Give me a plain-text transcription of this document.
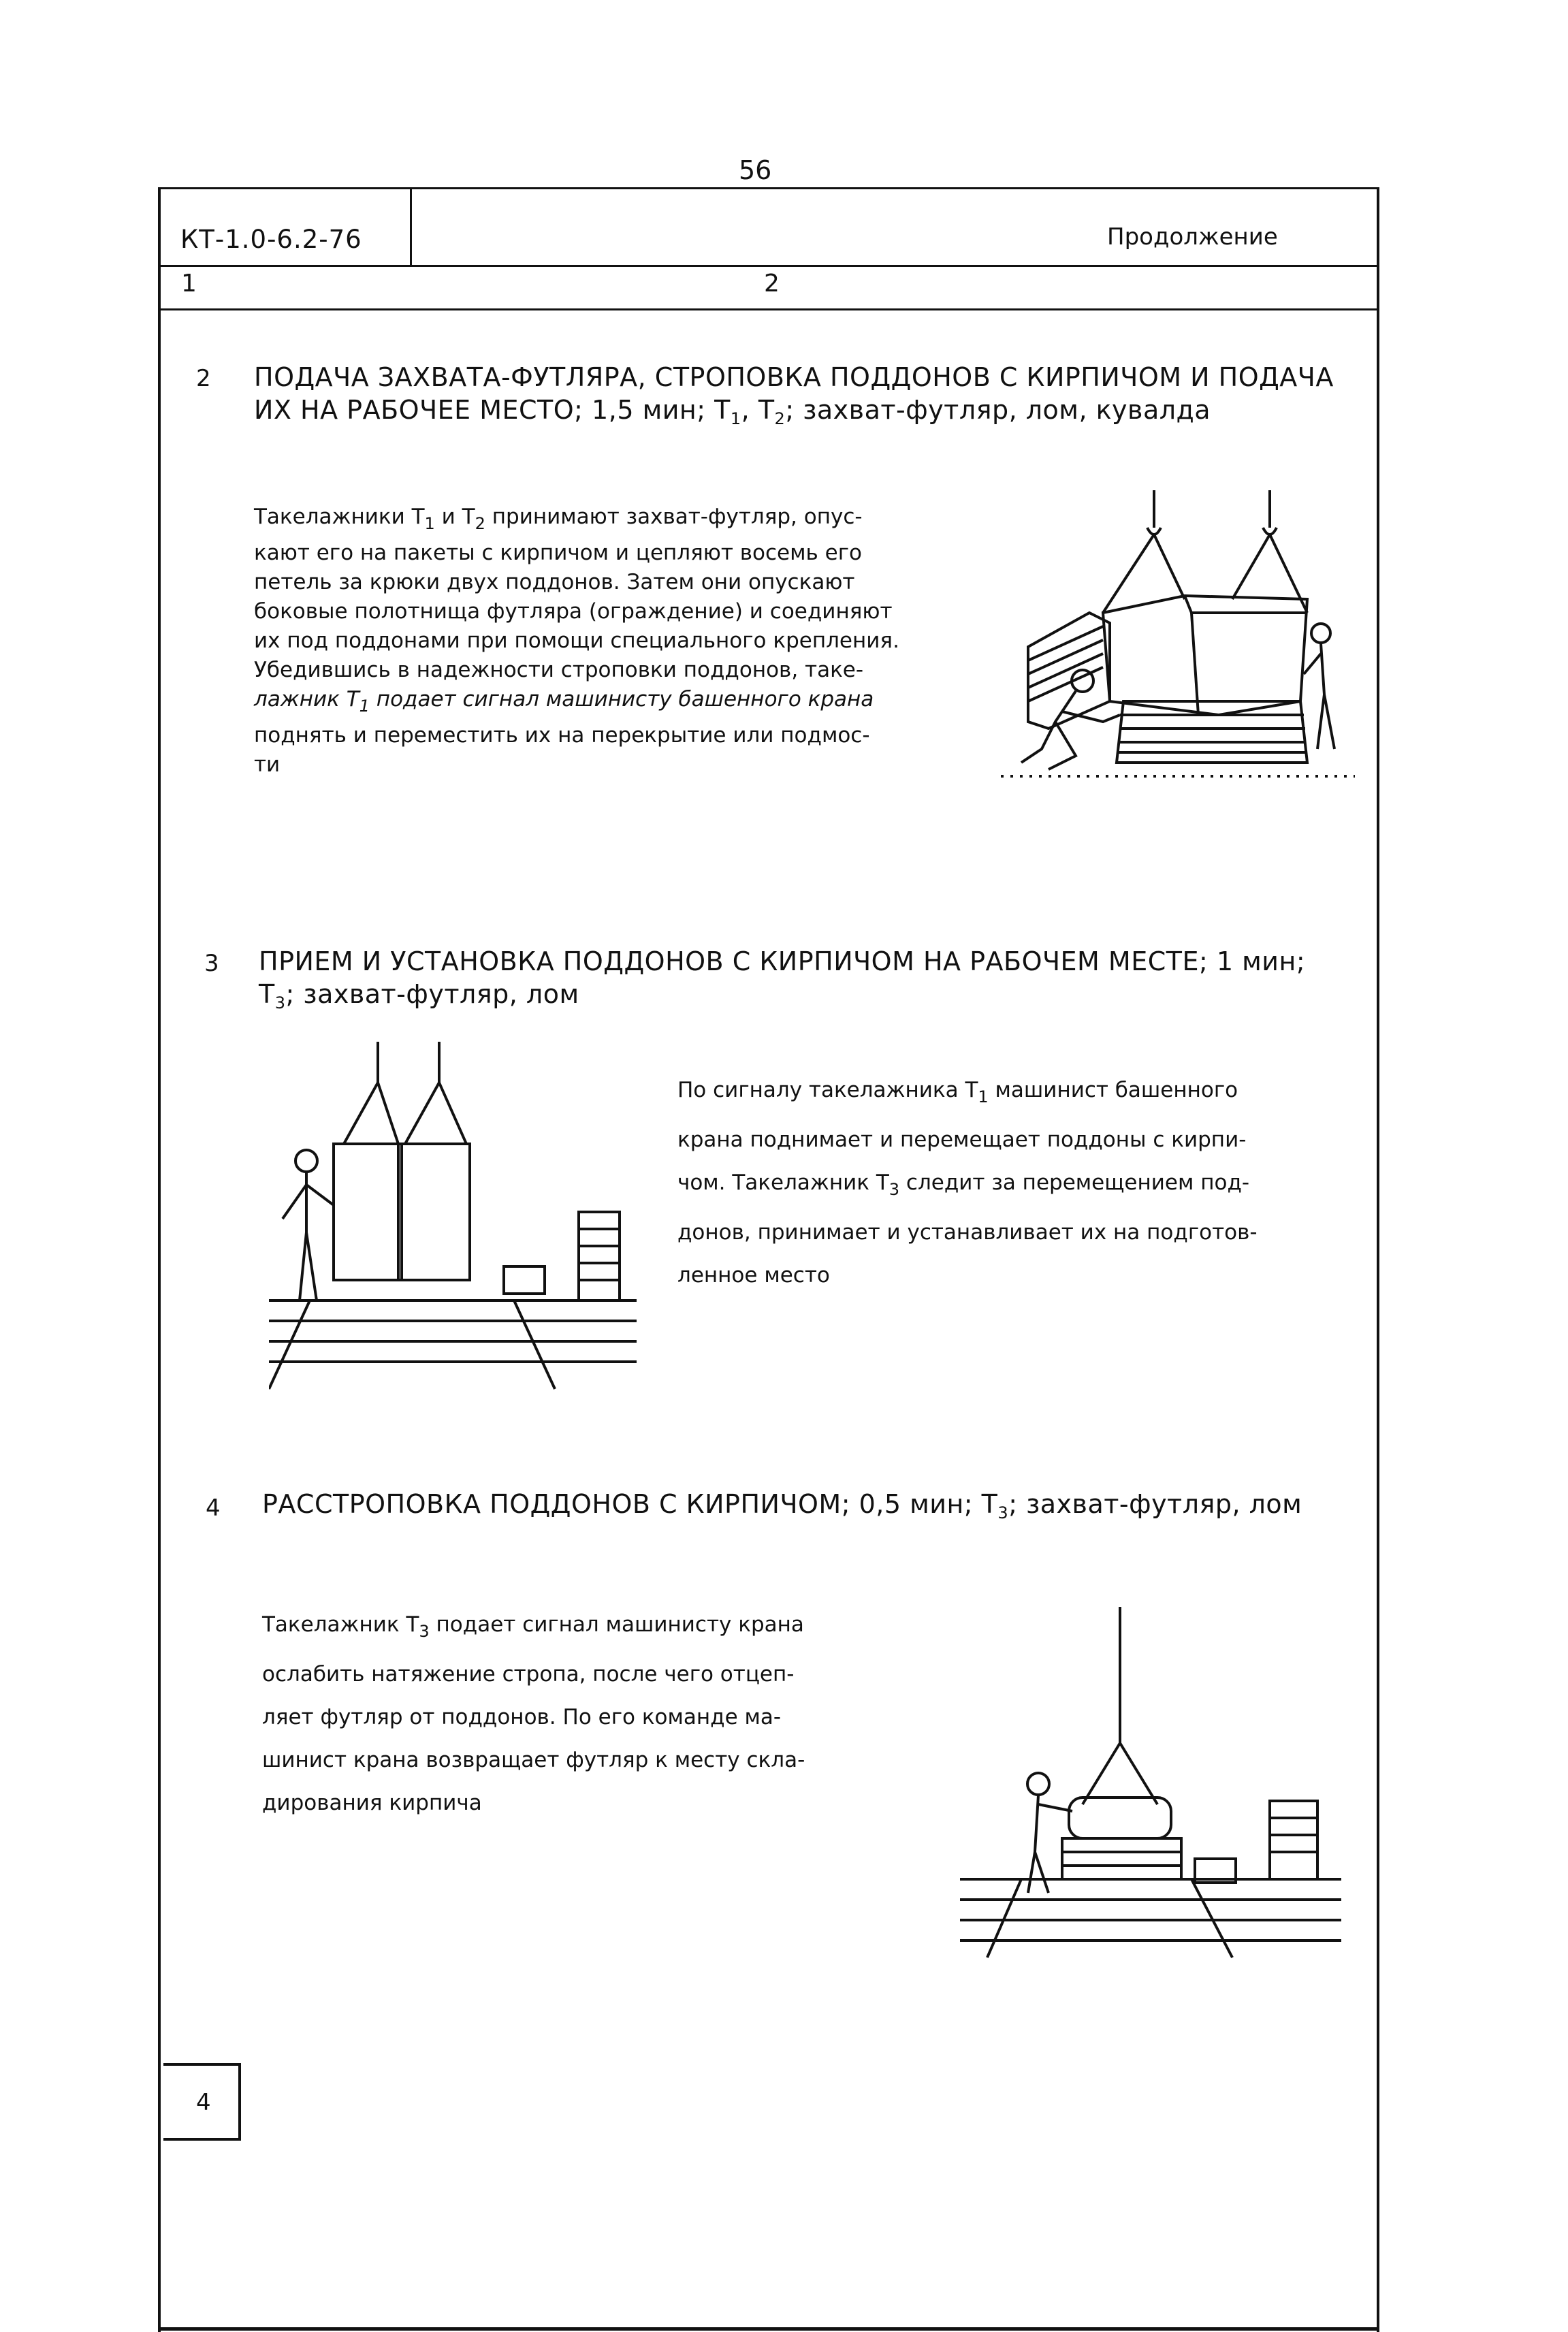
56
КТ-1.0-6.2-76	Продолжение
1	2
2 ПОДАЧА ЗАХВАТА-ФУТЛЯРА, СТРОПОВКА ПОДДОНОВ С КИРПИЧОМ И ПОДАЧА
ИХ НА РАБОЧЕЕ МЕСТО; 1,5 мин; $Т_1$, $Т_2$; захват-футляр, лом, кувалда
Такелажники $Т_1$ и $Т_2$ принимают захват-футляр, опус-
кают его на пакеты с кирпичом и цепляют восемь его
петель за крюки двух поддонов. Затем они опускают
боковые полотнища футляра (ограждение) и соединяют
их под поддонами при помощи специального крепления.
Убедившись в надежности строповки поддонов, таке-
лажник $Т_1$ подает сигнал машинисту башенного крана
поднять и переместить их на перекрытие или подмос-
ти
3 ПРИЕМ И УСТАНОВКА ПОДДОНОВ С КИРПИЧОМ НА РАБОЧЕМ МЕСТЕ; 1 мин;
$Т_3$; захват-футляр, лом
По сигналу такелажника $Т_1$ машинист башенного
крана поднимает и перемещает поддоны с кирпи-
чом. Такелажник $Т_3$ следит за перемещением под-
донов, принимает и устанавливает их на подготов-
ленное место
4 РАССТРОПОВКА ПОДДОНОВ С КИРПИЧОМ; 0,5 мин; $Т_3$; захват-футляр, лом
Такелажник $Т_3$ подает сигнал машинисту крана
ослабить натяжение стропа, после чего отцеп-
ляет футляр от поддонов. По его команде ма-
шинист крана возвращает футляр к месту скла-
дирования кирпича
4
